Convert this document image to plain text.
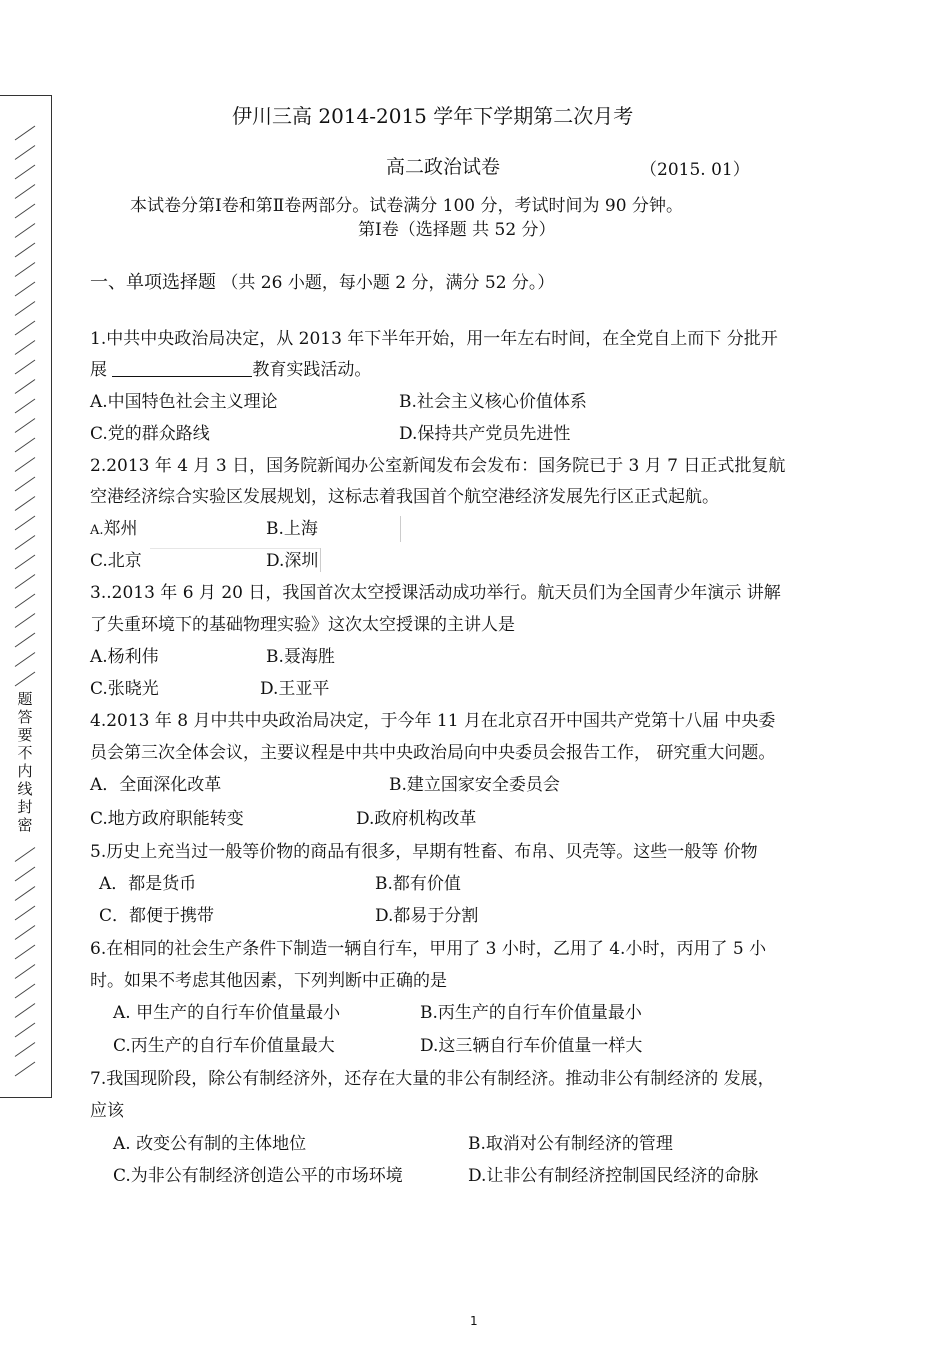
题
答
要
不
内
线
封
密
伊川三高 2014-2015 学年下学期第二次月考
高二政治试卷	（2015. 01）
本试卷分第Ⅰ卷和第Ⅱ卷两部分。试卷满分 100 分，考试时间为 90 分钟。
第Ⅰ卷（选择题 共 52 分）
一、单项选择题 （共 26 小题，每小题 2 分，满分 52 分。）
1.中共中央政治局决定，从 2013 年下半年开始，用一年左右时间，在全党自上而下 分批开
展	教育实践活动。
A.中国特色社会主义理论	B.社会主义核心价值体系
C.党的群众路线	D.保持共产党员先进性
2.2013 年 4 月 3 日，国务院新闻办公室新闻发布会发布：国务院已于 3 月 7 日正式批复航
空港经济综合实验区发展规划，这标志着我国首个航空港经济发展先行区正式起航。
A.郑州	B.上海
C.北京	D.深圳
3..2013 年 6 月 20 日，我国首次太空授课活动成功举行。航天员们为全国青少年演示 讲解
了失重环境下的基础物理实验》这次太空授课的主讲人是
A.杨利伟	B.聂海胜
C.张晓光	D.王亚平
4.2013 年 8 月中共中央政治局决定，于今年 11 月在北京召开中国共产党第十八届 中央委
员会第三次全体会议，主要议程是中共中央政治局向中央委员会报告工作， 研究重大问题。
A．全面深化改革	B.建立国家安全委员会
C.地方政府职能转变	D.政府机构改革
5.历史上充当过一般等价物的商品有很多，早期有牲畜、布帛、贝壳等。这些一般等 价物
A．都是货币	B.都有价值
C．都便于携带	D.都易于分割
6.在相同的社会生产条件下制造一辆自行车，甲用了 3 小时，乙用了 4.小时，丙用了 5 小
时。如果不考虑其他因素，下列判断中正确的是
A. 甲生产的自行车价值量最小	B.丙生产的自行车价值量最小
C.丙生产的自行车价值量最大	D.这三辆自行车价值量一样大
7.我国现阶段，除公有制经济外，还存在大量的非公有制经济。推动非公有制经济的 发展，
应该
A. 改变公有制的主体地位	B.取消对公有制经济的管理
C.为非公有制经济创造公平的市场环境	D.让非公有制经济控制国民经济的命脉
1
